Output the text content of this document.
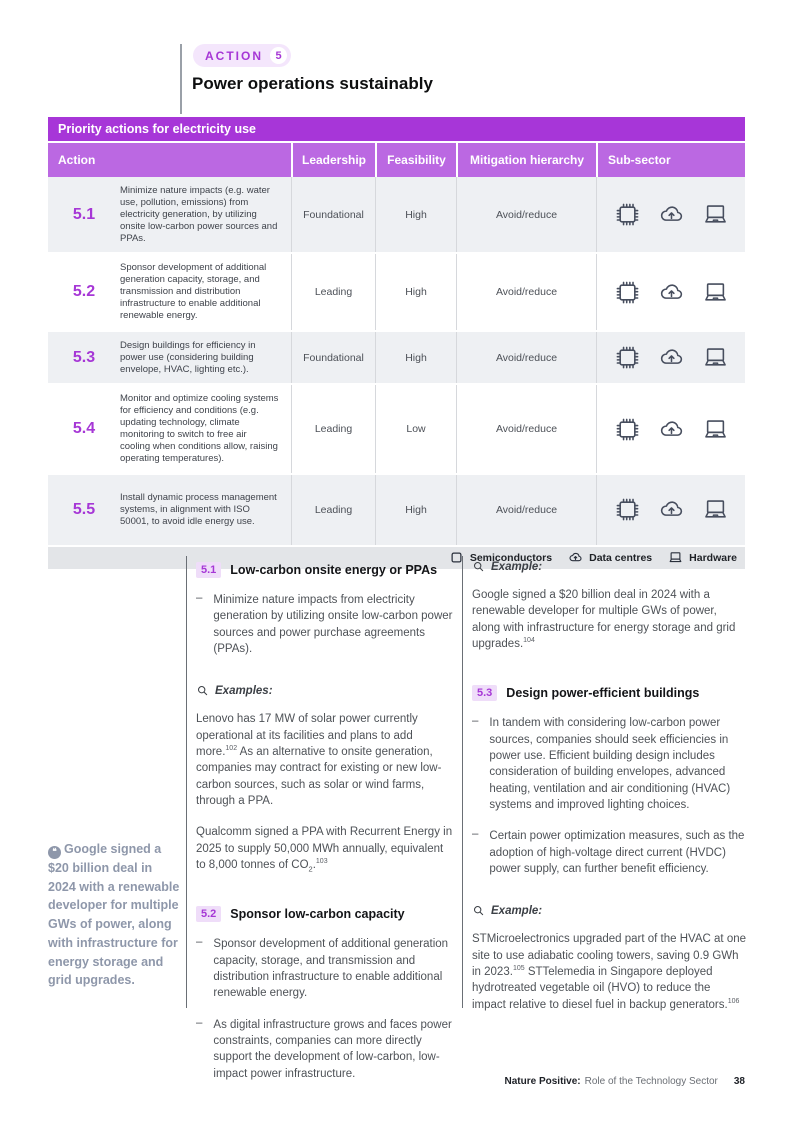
ACTION	5
Power operations sustainably
Priority actions for electricity use
Action	Leadership	Feasibility	Mitigation hierarchy	Sub-sector
5.1
Minimize nature impacts (e.g. water use, pollution, emissions) from electricity generation, by utilizing onsite low-carbon power sources and PPAs.
Foundational	High	Avoid/reduce
5.2
Sponsor development of additional generation capacity, storage, and transmission and distribution infrastructure to enable additional renewable energy.
Leading	High	Avoid/reduce
5.3
Design buildings for efficiency in power use (considering building envelope, HVAC, lighting etc.).
Foundational	High	Avoid/reduce
5.4
Monitor and optimize cooling systems for efficiency and conditions (e.g. updating technology, climate monitoring to switch to free air cooling when conditions allow, raising operating temperatures).
Leading	Low	Avoid/reduce
5.5
Install dynamic process management systems, in alignment with ISO 50001, to avoid idle energy use.
Leading	High	Avoid/reduce
Semiconductors	Data centres	Hardware
❝ Google signed a $20 billion deal in 2024 with a renewable developer for multiple GWs of power, along with infrastructure for energy storage and grid upgrades.
5.1	Low-carbon onsite energy or PPAs
– Minimize nature impacts from electricity generation by utilizing onsite low-carbon power sources and power purchase agreements (PPAs).
Examples:

Lenovo has 17 MW of solar power currently operational at its facilities and plans to add more.$^{102}$ As an alternative to onsite generation, companies may contract for existing or new low-carbon sources, such as solar or wind farms, through a PPA.

Qualcomm signed a PPA with Recurrent Energy in 2025 to supply 50,000 MWh annually, equivalent to 8,000 tonnes of $CO_2.^{103}$

5.2	Sponsor low-carbon capacity
– Sponsor development of additional generation capacity, storage, and transmission and distribution infrastructure to enable additional renewable energy.
– As digital infrastructure grows and faces power constraints, companies can more directly support the development of low-carbon, low-impact power infrastructure.
Example:

Google signed a $20 billion deal in 2024 with a renewable developer for multiple GWs of power, along with infrastructure for energy storage and grid upgrades.$^{104}$

5.3	Design power-efficient buildings
– In tandem with considering low-carbon power sources, companies should seek efficiencies in power use. Efficient building design includes consideration of building envelopes, advanced heating, ventilation and air conditioning (HVAC) systems and improved lighting choices.
– Certain power optimization measures, such as the adoption of high-voltage direct current (HVDC) power supply, can further benefit efficiency.
Example:

STMicroelectronics upgraded part of the HVAC at one site to use adiabatic cooling towers, saving 0.9 GWh in 2023.$^{105}$ STTelemedia in Singapore deployed hydrotreated vegetable oil (HVO) to reduce the impact relative to diesel fuel in backup generators.$^{106}$

Nature Positive: Role of the Technology Sector 38
